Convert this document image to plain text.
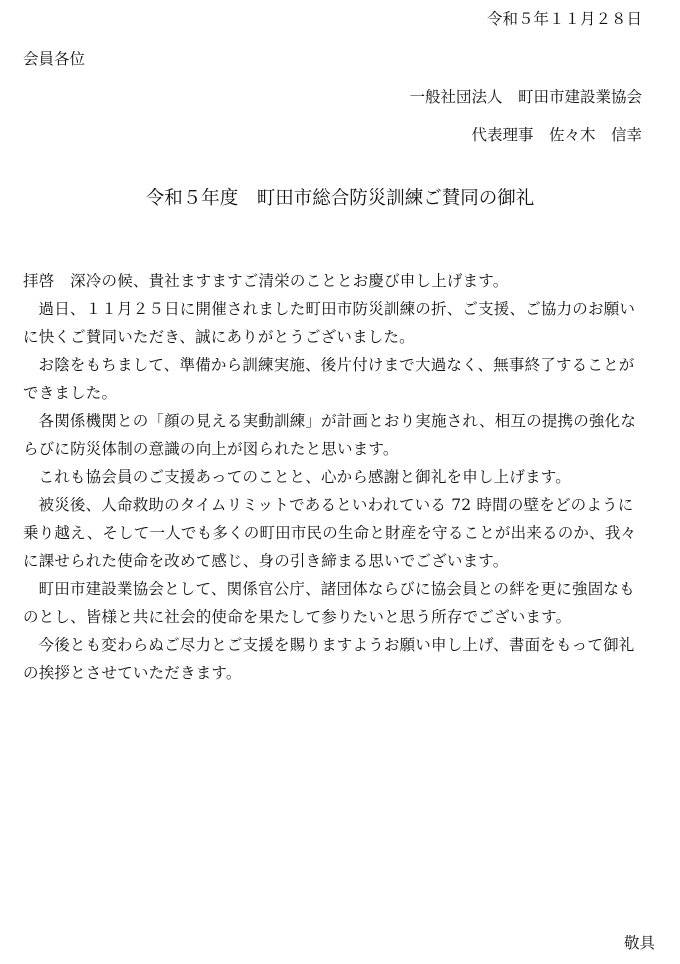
令和５年１１月２８日
会員各位
一般社団法人　町田市建設業協会
代表理事　佐々木　信幸
令和５年度　町田市総合防災訓練ご賛同の御礼

拝啓　深冷の候、貴社ますますご清栄のこととお慶び申し上げます。

過日、１１月２５日に開催されました町田市防災訓練の折、ご支援、ご協力のお願いに快くご賛同いただき、誠にありがとうございました。

お陰をもちまして、準備から訓練実施、後片付けまで大過なく、無事終了することができました。

各関係機関との「顔の見える実動訓練」が計画とおり実施され、相互の提携の強化ならびに防災体制の意識の向上が図られたと思います。

これも協会員のご支援あってのことと、心から感謝と御礼を申し上げます。

被災後、人命救助のタイムリミットであるといわれている 72 時間の壁をどのように乗り越え、そして一人でも多くの町田市民の生命と財産を守ることが出来るのか、我々に課せられた使命を改めて感じ、身の引き締まる思いでございます。

町田市建設業協会として、関係官公庁、諸団体ならびに協会員との絆を更に強固なものとし、皆様と共に社会的使命を果たして参りたいと思う所存でございます。

今後とも変わらぬご尽力とご支援を賜りますようお願い申し上げ、書面をもって御礼の挨拶とさせていただきます。

敬具
